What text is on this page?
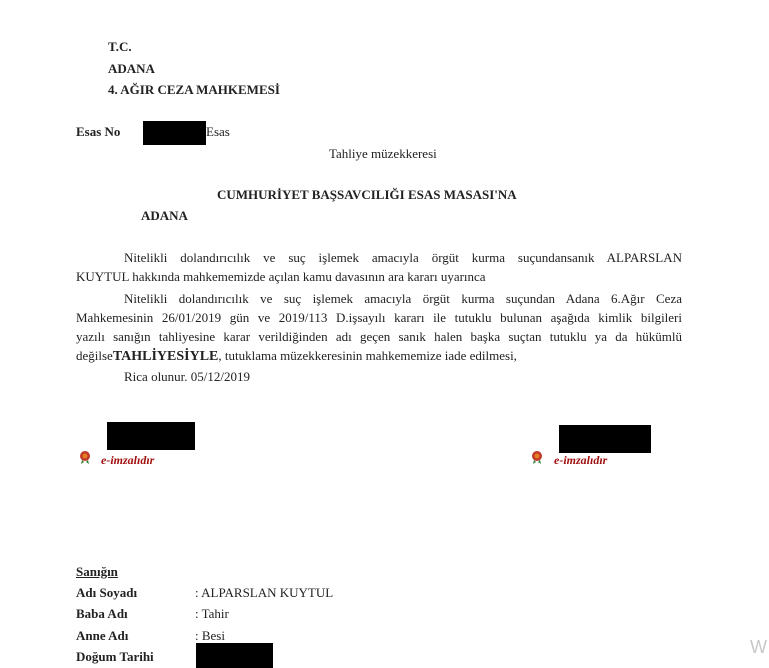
T.C.
ADANA
4. AĞIR CEZA MAHKEMESİ
Esas No	Esas
Tahliye müzekkeresi
CUMHURİYET BAŞSAVCILIĞI ESAS MASASI'NA
ADANA
Nitelikli dolandırıcılık ve suç işlemek amacıyla örgüt kurma suçundansanık ALPARSLAN
KUYTUL hakkında mahkememizde açılan kamu davasının ara kararı uyarınca
Nitelikli dolandırıcılık ve suç işlemek amacıyla örgüt kurma suçundan Adana 6.Ağır Ceza
Mahkemesinin 26/01/2019 gün ve 2019/113 D.işsayılı kararı ile tutuklu bulunan aşağıda kimlik bilgileri
yazılı sanığın tahliyesine karar verildiğinden adı geçen sanık halen başka suçtan tutuklu ya da hükümlü
değilseTAHLİYESİYLE, tutuklama müzekkeresinin mahkememize iade edilmesi,
Rica olunur. 05/12/2019
e-imzalıdır	e-imzalıdır
Sanığın
Adı Soyadı	: ALPARSLAN KUYTUL
Baba Adı	: Tahir
Anne Adı	: Besi
Doğum Tarihi	W
